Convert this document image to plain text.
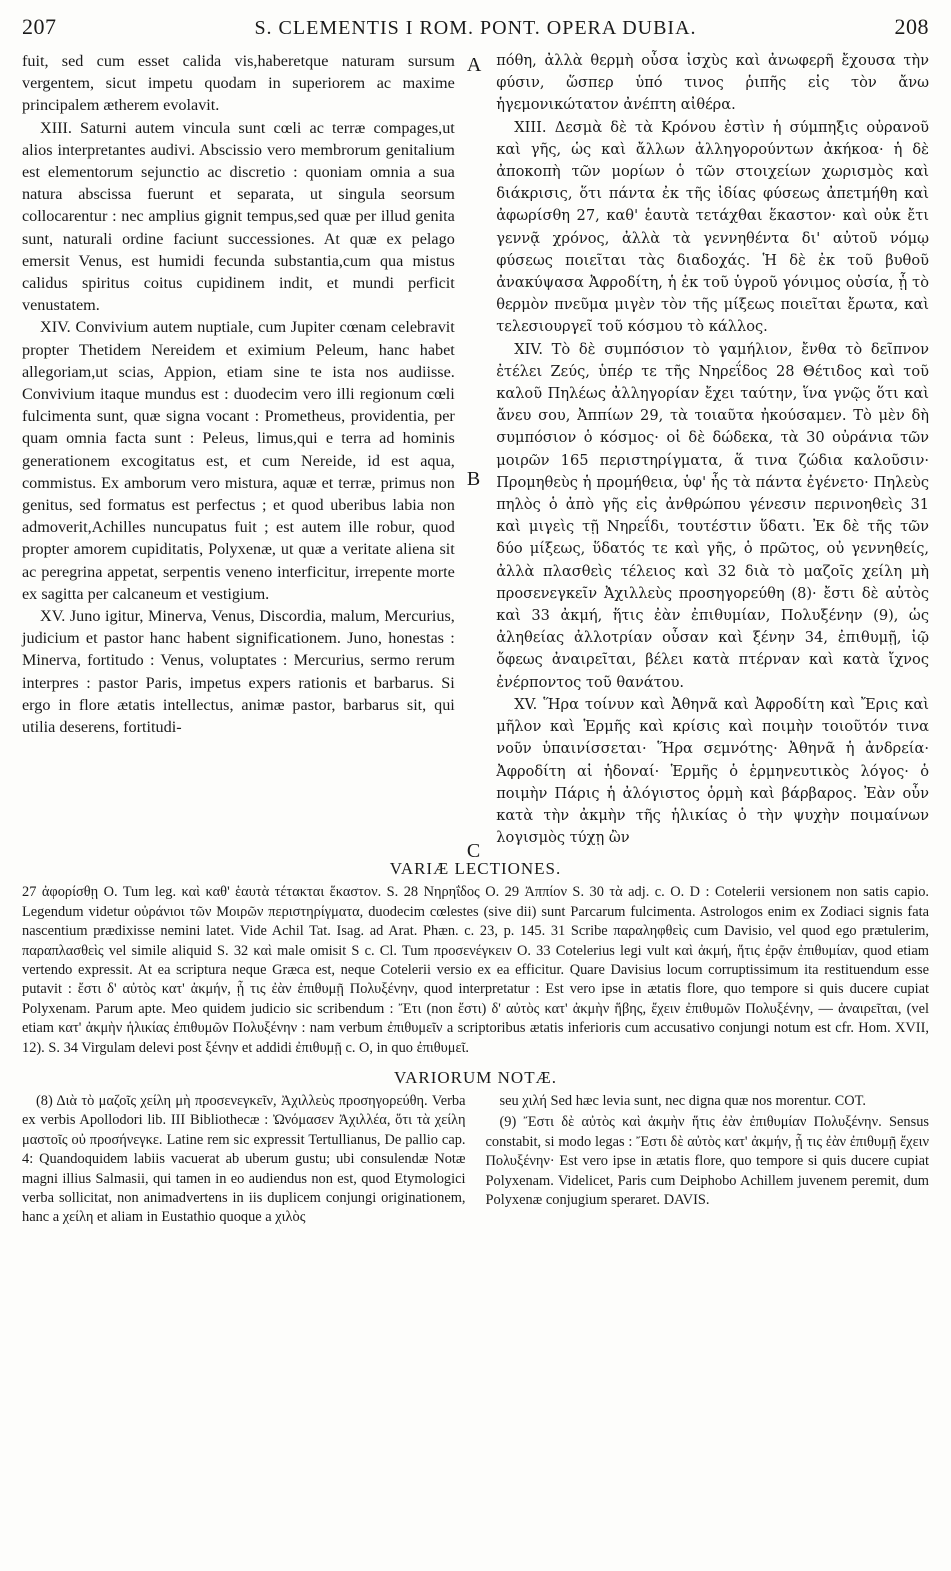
207	S. CLEMENTIS I ROM. PONT. OPERA DUBIA.	208

fuit, sed cum esset calida vis,haberetque naturam sursum vergentem, sicut impetu quodam in superiorem ac maxime principalem ætherem evolavit.

XIII. Saturni autem vincula sunt cœli ac terræ compages,ut alios interpretantes audivi. Abscissio vero membrorum genitalium est elementorum sejunctio ac discretio : quoniam omnia a sua natura abscissa fuerunt et separata, ut singula seorsum collocarentur : nec amplius gignit tempus,sed quæ per illud genita sunt, naturali ordine faciunt successiones. At quæ ex pelago emersit Venus, est humidi fecunda substantia,cum qua mistus calidus spiritus coitus cupidinem indit, et mundi perficit venustatem.

XIV. Convivium autem nuptiale, cum Jupiter cœnam celebravit propter Thetidem Nereidem et eximium Peleum, hanc habet allegoriam,ut scias, Appion, etiam sine te ista nos audiisse. Convivium itaque mundus est : duodecim vero illi regionum cœli fulcimenta sunt, quæ signa vocant : Prometheus, providentia, per quam omnia facta sunt : Peleus, limus,qui e terra ad hominis generationem excogitatus est, et cum Nereide, id est aqua, commistus. Ex amborum vero mistura, aquæ et terræ, primus non genitus, sed formatus est perfectus ; et quod uberibus labia non admoverit,Achilles nuncupatus fuit ; est autem ille robur, quod propter amorem cupiditatis, Polyxenæ, ut quæ a veritate aliena sit ac peregrina appetat, serpentis veneno interficitur, irrepente morte ex sagitta per calcaneum et vestigium.

XV. Juno igitur, Minerva, Venus, Discordia, malum, Mercurius, judicium et pastor hanc habent significationem. Juno, honestas : Minerva, fortitudo : Venus, voluptates : Mercurius, sermo rerum interpres : pastor Paris, impetus expers rationis et barbarus. Si ergo in flore ætatis intellectus, animæ pastor, barbarus sit, qui utilia deserens, fortitudi-

A
B
C

πόθη, ἀλλὰ θερμὴ οὖσα ἰσχὺς καὶ ἀνωφερῆ ἔχουσα τὴν φύσιν, ὥσπερ ὑπό τινος ῥιπῆς εἰς τὸν ἄνω ἡγεμονικώτατον ἀνέπτη αἰθέρα.

XIII. Δεσμὰ δὲ τὰ Κρόνου ἐστὶν ἡ σύμπηξις οὐρανοῦ καὶ γῆς, ὡς καὶ ἄλλων ἀλληγορούντων ἀκήκοα· ἡ δὲ ἀποκοπὴ τῶν μορίων ὁ τῶν στοιχείων χωρισμὸς καὶ διάκρισις, ὅτι πάντα ἐκ τῆς ἰδίας φύσεως ἀπετμήθη καὶ ἀφωρίσθη 27, καθ' ἑαυτὰ τετάχθαι ἕκαστον· καὶ οὐκ ἔτι γεννᾷ χρόνος, ἀλλὰ τὰ γεννηθέντα δι' αὐτοῦ νόμῳ φύσεως ποιεῖται τὰς διαδοχάς. Ἡ δὲ ἐκ τοῦ βυθοῦ ἀνακύψασα Ἀφροδίτη, ἡ ἐκ τοῦ ὑγροῦ γόνιμος οὐσία, ᾗ τὸ θερμὸν πνεῦμα μιγὲν τὸν τῆς μίξεως ποιεῖται ἔρωτα, καὶ τελεσιουργεῖ τοῦ κόσμου τὸ κάλλος.

XIV. Τὸ δὲ συμπόσιον τὸ γαμήλιον, ἔνθα τὸ δεῖπνον ἐτέλει Ζεύς, ὑπέρ τε τῆς Νηρεΐδος 28 Θέτιδος καὶ τοῦ καλοῦ Πηλέως ἀλληγορίαν ἔχει ταύτην, ἵνα γνῷς ὅτι καὶ ἄνευ σου, Ἀππίων 29, τὰ τοιαῦτα ἠκούσαμεν. Τὸ μὲν δὴ συμπόσιον ὁ κόσμος· οἱ δὲ δώδεκα, τὰ 30 οὐράνια τῶν μοιρῶν 165 περιστηρίγματα, ἅ τινα ζώδια καλοῦσιν· Προμηθεὺς ἡ προμήθεια, ὑφ' ἧς τὰ πάντα ἐγένετο· Πηλεὺς πηλὸς ὁ ἀπὸ γῆς εἰς ἀνθρώπου γένεσιν περινοηθεὶς 31 καὶ μιγεὶς τῇ Νηρεΐδι, τουτέστιν ὕδατι. Ἐκ δὲ τῆς τῶν δύο μίξεως, ὕδατός τε καὶ γῆς, ὁ πρῶτος, οὐ γεννηθείς, ἀλλὰ πλασθεὶς τέλειος καὶ 32 διὰ τὸ μαζοῖς χείλη μὴ προσενεγκεῖν Ἀχιλλεὺς προσηγορεύθη (8)· ἔστι δὲ αὐτὸς καὶ 33 ἀκμή, ἥτις ἐὰν ἐπιθυμίαν, Πολυξένην (9), ὡς ἀληθείας ἀλλοτρίαν οὖσαν καὶ ξένην 34, ἐπιθυμῇ, ἰῷ ὄφεως ἀναιρεῖται, βέλει κατὰ πτέρναν καὶ κατὰ ἴχνος ἐνέρποντος τοῦ θανάτου.

XV. Ἥρα τοίνυν καὶ Ἀθηνᾶ καὶ Ἀφροδίτη καὶ Ἔρις καὶ μῆλον καὶ Ἑρμῆς καὶ κρίσις καὶ ποιμὴν τοιοῦτόν τινα νοῦν ὑπαινίσσεται· Ἥρα σεμνότης· Ἀθηνᾶ ἡ ἀνδρεία· Ἀφροδίτη αἱ ἡδοναί· Ἑρμῆς ὁ ἑρμηνευτικὸς λόγος· ὁ ποιμὴν Πάρις ἡ ἀλόγιστος ὁρμὴ καὶ βάρβαρος. Ἐὰν οὖν κατὰ τὴν ἀκμὴν τῆς ἡλικίας ὁ τὴν ψυχὴν ποιμαίνων λογισμὸς τύχῃ ὢν

VARIÆ LECTIONES.

27 ἀφορίσθῃ O. Tum leg. καὶ καθ' ἑαυτὰ τέτακται ἕκαστον. S. 28 Νηρηΐδος O. 29 Ἀππίον S. 30 τὰ adj. c. O. D : Cotelerii versionem non satis capio. Legendum videtur οὐράνιοι τῶν Μοιρῶν περιστηρίγματα, duodecim cœlestes (sive dii) sunt Parcarum fulcimenta. Astrologos enim ex Zodiaci signis fata nascentium prædixisse nemini latet. Vide Achil Tat. Isag. ad Arat. Phæn. c. 23, p. 145. 31 Scribe παραληφθεὶς cum Davisio, vel quod ego prætulerim, παραπλασθεὶς vel simile aliquid S. 32 καὶ male omisit S c. Cl. Tum προσενέγκειν O. 33 Cotelerius legi vult καὶ ἀκμή, ἥτις ἐρᾷν ἐπιθυμίαν, quod etiam vertendo expressit. At ea scriptura neque Græca est, neque Cotelerii versio ex ea efficitur. Quare Davisius locum corruptissimum ita restituendum esse putavit : ἔστι δ' αὐτὸς κατ' ἀκμήν, ᾗ τις ἐὰν ἐπιθυμῇ Πολυξένην, quod interpretatur : Est vero ipse in ætatis flore, quo tempore si quis ducere cupiat Polyxenam. Parum apte. Meo quidem judicio sic scribendum : Ἔτι (non ἔστι) δ' αὐτὸς κατ' ἀκμὴν ἥβης, ἔχειν ἐπιθυμῶν Πολυξένην, — ἀναιρεῖται, (vel etiam κατ' ἀκμὴν ἡλικίας ἐπιθυμῶν Πολυξένην : nam verbum ἐπιθυμεῖν a scriptoribus ætatis inferioris cum accusativo conjungi notum est cfr. Hom. XVII, 12). S. 34 Virgulam delevi post ξένην et addidi ἐπιθυμῇ c. O, in quo ἐπιθυμεῖ.

VARIORUM NOTÆ.

(8) Διὰ τὸ μαζοῖς χείλη μὴ προσενεγκεῖν, Ἀχιλλεὺς προσηγορεύθη. Verba ex verbis Apollodori lib. III Bibliothecæ : Ὠνόμασεν Ἀχιλλέα, ὅτι τὰ χείλη μαστοῖς οὐ προσήνεγκε. Latine rem sic expressit Tertullianus, De pallio cap. 4: Quandoquidem labiis vacuerat ab uberum gustu; ubi consulendæ Notæ magni illius Salmasii, qui tamen in eo audiendus non est, quod Etymologici verba sollicitat, non animadvertens in iis duplicem conjungi originationem, hanc a χείλη et aliam in Eustathio quoque a χιλὸς

seu χιλή Sed hæc levia sunt, nec digna quæ nos morentur. COT.

(9) Ἔστι δὲ αὐτὸς καὶ ἀκμὴν ἥτις ἐὰν ἐπιθυμίαν Πολυξένην. Sensus constabit, si modo legas : Ἔστι δὲ αὐτὸς κατ' ἀκμήν, ᾗ τις ἐὰν ἐπιθυμῇ ἔχειν Πολυξένην· Est vero ipse in ætatis flore, quo tempore si quis ducere cupiat Polyxenam. Videlicet, Paris cum Deiphobo Achillem juvenem peremit, dum Polyxenæ conjugium speraret. DAVIS.
